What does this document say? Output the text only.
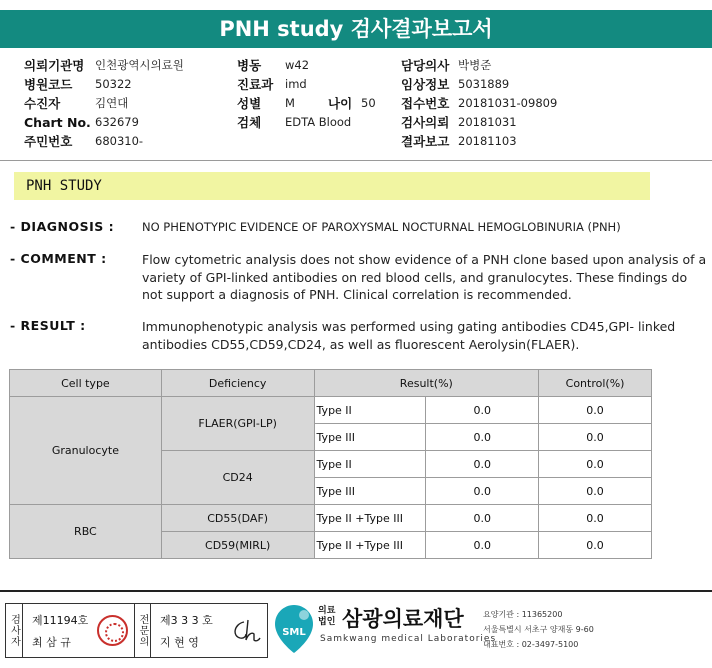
PNH study 검사결과보고서
의뢰기관명 인천광역시의료원	병동 w42	담당의사 박병준
병원코드 50322	진료과 imd	임상정보 5031889
수진자	김연대	성별 M	나이 50 접수번호 20181031-09809
Chart No. 632679	검체 EDTA Blood	검사의뢰 20181031
주민번호 680310-	결과보고 20181103
PNH STUDY
- DIAGNOSIS : NO PHENOTYPIC EVIDENCE OF PAROXYSMAL NOCTURNAL HEMOGLOBINURIA (PNH)
- COMMENT :	Flow cytometric analysis does not show evidence of a PNH clone based upon analysis of a variety of GPI-linked antibodies on red blood cells, and granulocytes. These findings do not support a diagnosis of PNH. Clinical correlation is recommended.
- RESULT :	Immunophenotypic analysis was performed using gating antibodies CD45,GPI- linked antibodies CD55,CD59,CD24, as well as fluorescent Aerolysin(FLAER).
Cell type	Deficiency	Result(%)		Control(%)
Granulocyte	FLAER(GPI-LP)	Type II	0.0	0.0
		Type III	0.0	0.0
	CD24	Type II	0.0	0.0
		Type III	0.0	0.0
RBC	CD55(DAF)	Type II +Type III	0.0	0.0
	CD59(MIRL)	Type II +Type III	0.0	0.0
검사자 제11194호
최 삼 규	전문의 제3 3 3 호
지 현 영
SML
의료법인 삼광의료재단
Samkwang medical Laboratories
요양기관 : 11365200
서울특별시 서초구 양재동 9-60
대표번호 : 02-3497-5100
